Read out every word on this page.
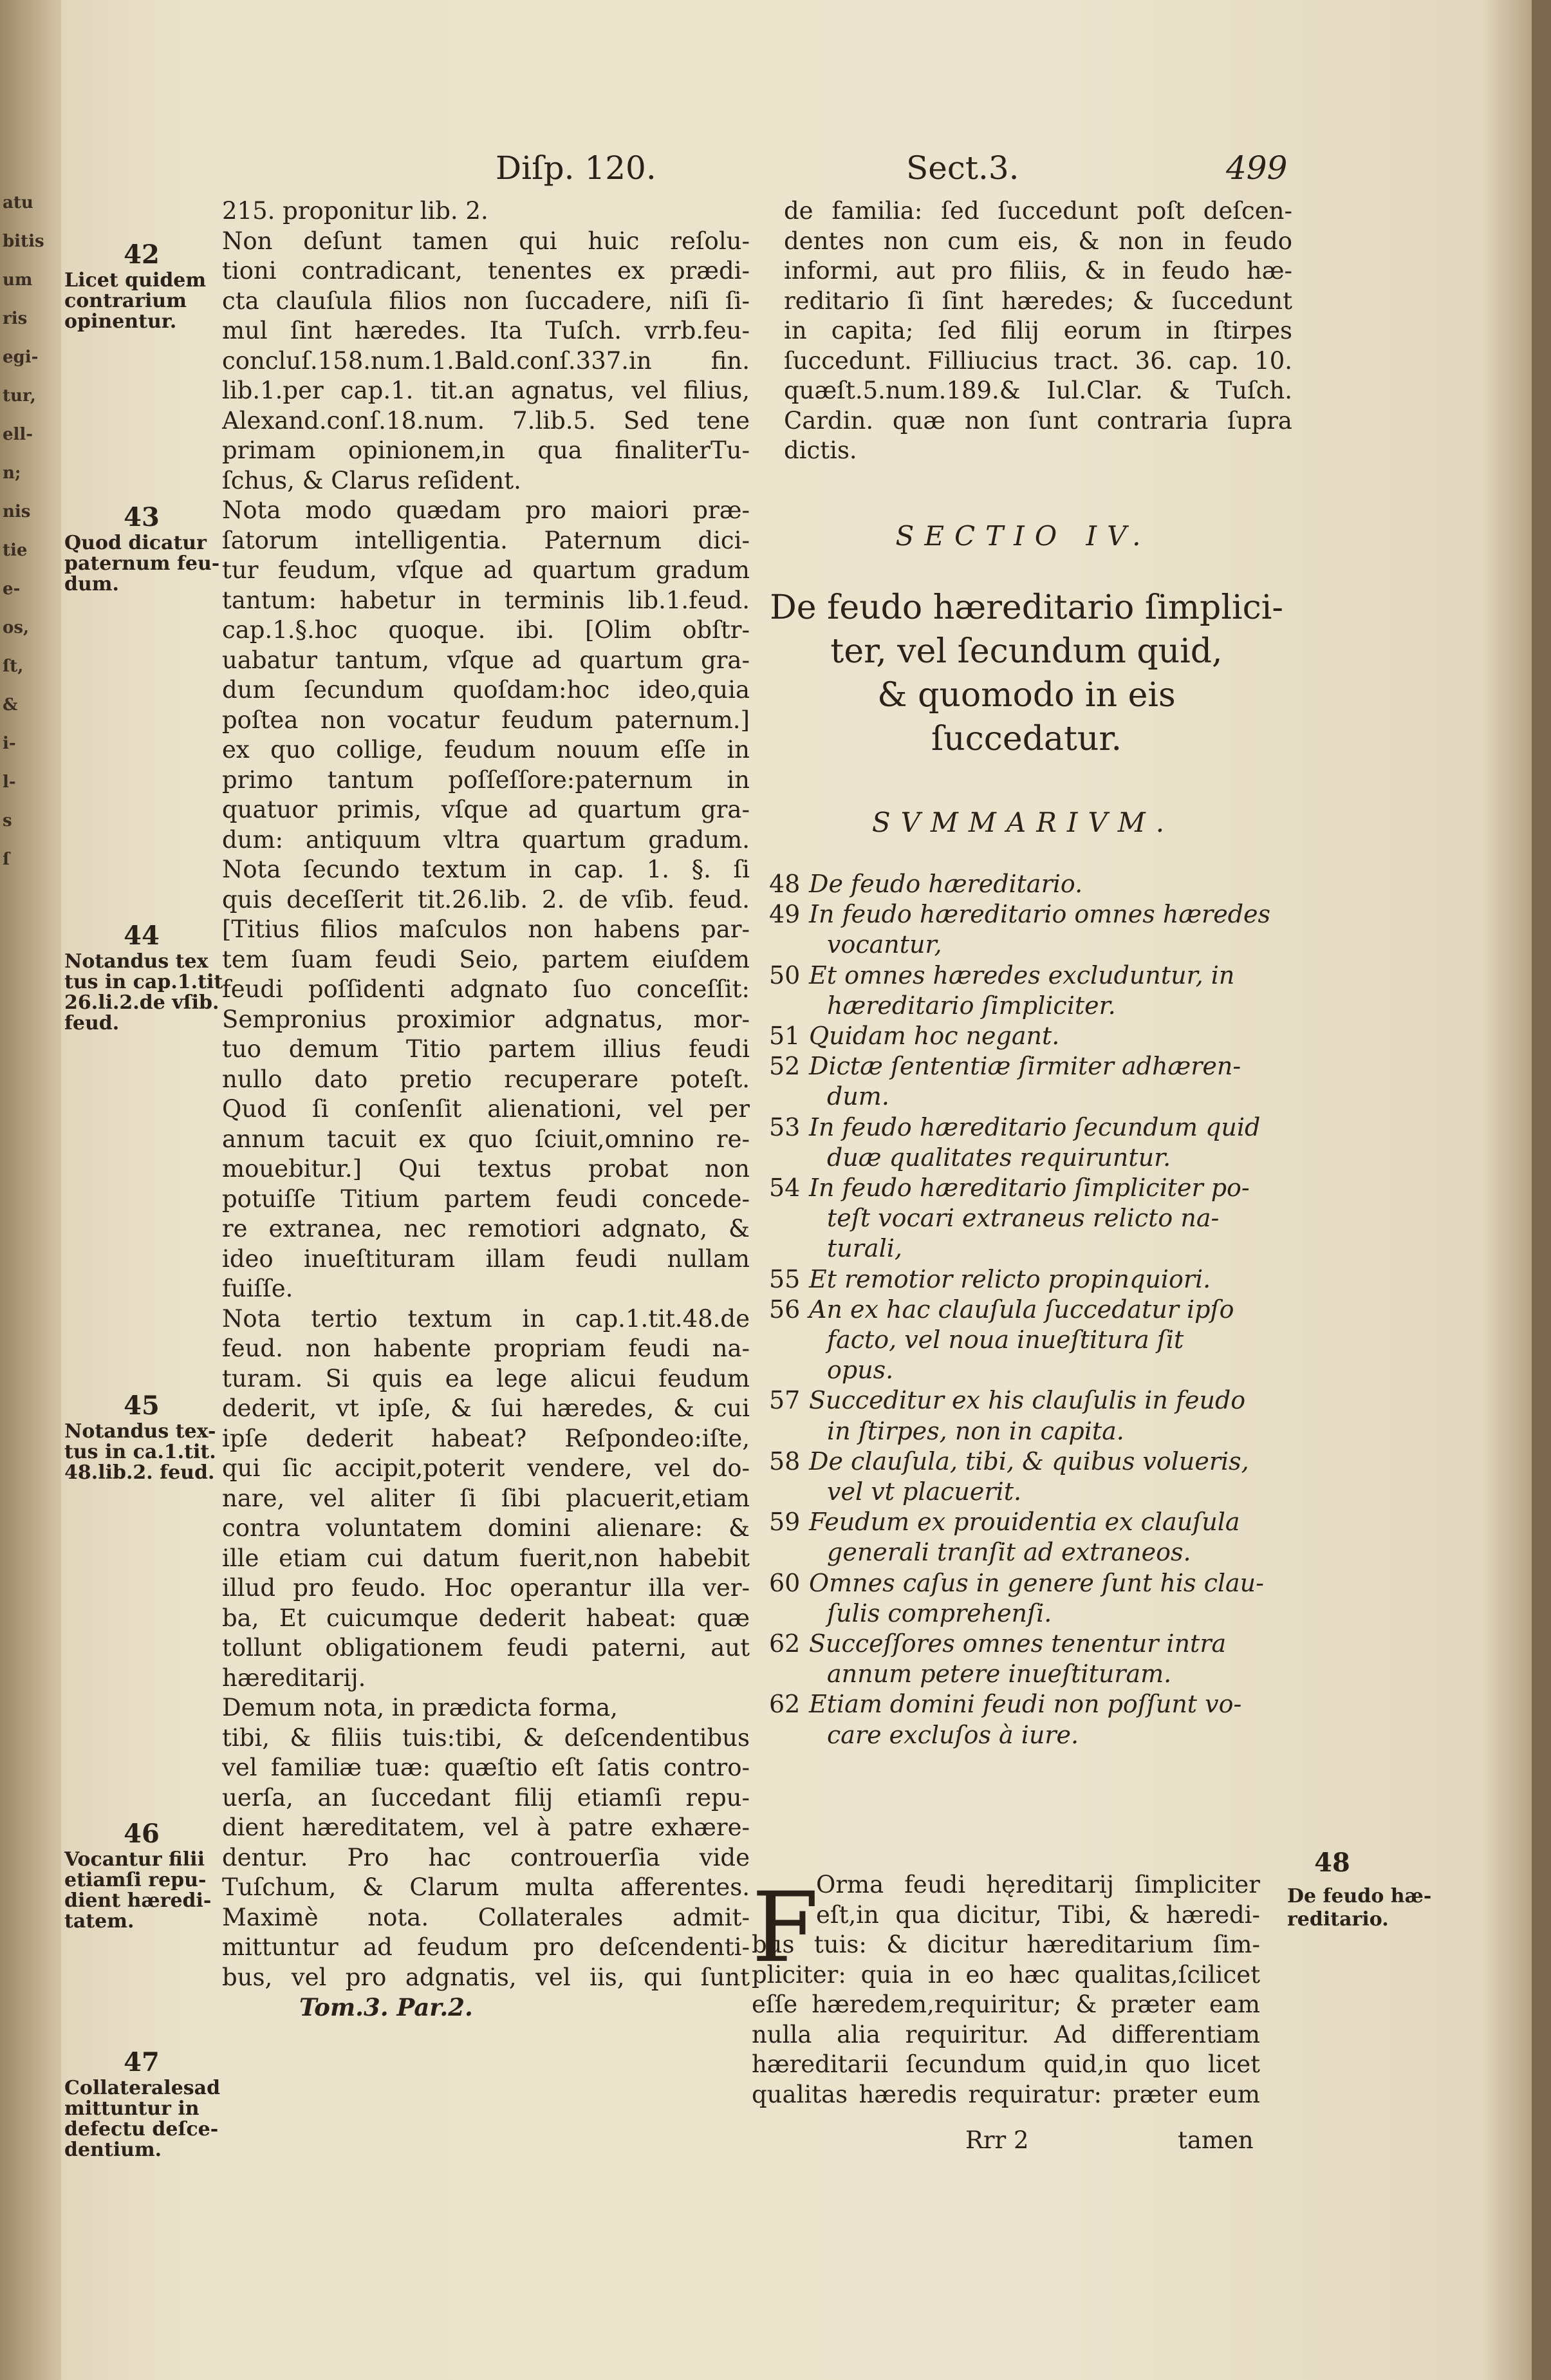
atu
bitis
um
ris
egi-
tur,
ell-
n;
nis
tie
e-
os,
ſt,
&
i-
l-
s
ſ
Diſp. 120.	Sect.3.	499
215. proponitur lib. 2.
Non deſunt tamen qui huic reſolu-
tioni contradicant, tenentes ex prædi-
cta clauſula filios non ſuccadere, niſi ſi-
mul ſint hæredes. Ita Tuſch. vrrb.feu-
concluſ.158.num.1.Bald.conſ.337.in fin.
lib.1.per cap.1. tit.an agnatus, vel filius,
Alexand.conſ.18.num. 7.lib.5. Sed tene
primam opinionem,in qua finaliterTu-
ſchus, & Clarus reſident.
Nota modo quædam pro maiori præ-
ſatorum intelligentia. Paternum dici-
tur feudum, vſque ad quartum gradum
tantum: habetur in terminis lib.1.feud.
cap.1.§.hoc quoque. ibi. [Olim obſtr-
uabatur tantum, vſque ad quartum gra-
dum ſecundum quoſdam:hoc ideo,quia
poſtea non vocatur feudum paternum.]
ex quo collige, feudum nouum eſſe in
primo tantum poſſeſſore:paternum in
quatuor primis, vſque ad quartum gra-
dum: antiquum vltra quartum gradum.
Nota ſecundo textum in cap. 1. §. ſi
quis deceſſerit tit.26.lib. 2. de vſib. feud.
[Titius filios maſculos non habens par-
tem ſuam feudi Seio, partem eiuſdem
feudi poſſidenti adgnato ſuo conceſſit:
Sempronius proximior adgnatus, mor-
tuo demum Titio partem illius feudi
nullo dato pretio recuperare poteſt.
Quod ſi conſenſit alienationi, vel per
annum tacuit ex quo ſciuit,omnino re-
mouebitur.] Qui textus probat non
potuiſſe Titium partem feudi concede-
re extranea, nec remotiori adgnato, &
ideo inueſtituram illam feudi nullam
fuiſſe.
Nota tertio textum in cap.1.tit.48.de
feud. non habente propriam feudi na-
turam. Si quis ea lege alicui feudum
dederit, vt ipſe, & ſui hæredes, & cui
ipſe dederit habeat? Reſpondeo:iſte,
qui ſic accipit,poterit vendere, vel do-
nare, vel aliter ſi ſibi placuerit,etiam
contra voluntatem domini alienare: &
ille etiam cui datum fuerit,non habebit
illud pro feudo. Hoc operantur illa ver-
ba, Et cuicumque dederit habeat: quæ
tollunt obligationem feudi paterni, aut
hæreditarij.
Demum nota, in prædicta forma,
tibi, & filiis tuis:tibi, & deſcendentibus
vel familiæ tuæ: quæſtio eſt ſatis contro-
uerſa, an ſuccedant filij etiamſi repu-
dient hæreditatem, vel à patre exhære-
dentur. Pro hac controuerſia vide
Tuſchum, & Clarum multa afferentes.
Maximè nota. Collaterales admit-
mittuntur ad feudum pro deſcendenti-
bus, vel pro adgnatis, vel iis, qui ſunt
Tom.3. Par.2.
de familia: ſed ſuccedunt poſt deſcen-
dentes non cum eis, & non in feudo
informi, aut pro filiis, & in feudo hæ-
reditario ſi ſint hæredes; & ſuccedunt
in capita; ſed filij eorum in ſtirpes
ſuccedunt. Filliucius tract. 36. cap. 10.
quæſt.5.num.189.& Iul.Clar. & Tuſch.
Cardin. quæ non ſunt contraria ſupra
dictis.
SECTIO IV.
De feudo hæreditario ſimplici-
ter, vel ſecundum quid,
& quomodo in eis
ſuccedatur.
SVMMARIVM.
48 De feudo hæreditario.
49 In feudo hæreditario omnes hæredes
vocantur,
50 Et omnes hæredes excluduntur, in
hæreditario ſimpliciter.
51 Quidam hoc negant.
52 Dictæ ſententiæ ſirmiter adhæren-
dum.
53 In feudo hæreditario ſecundum quid
duæ qualitates requiruntur.
54 In feudo hæreditario ſimpliciter po-
teſt vocari extraneus relicto na-
turali,
55 Et remotior relicto propinquiori.
56 An ex hac clauſula ſuccedatur ipſo
facto, vel noua inueſtitura ſit
opus.
57 Succeditur ex his clauſulis in feudo
in ſtirpes, non in capita.
58 De clauſula, tibi, & quibus volueris,
vel vt placuerit.
59 Feudum ex prouidentia ex clauſula
generali tranſit ad extraneos.
60 Omnes caſus in genere ſunt his clau-
ſulis comprehenſi.
62 Succeſſores omnes tenentur intra
annum petere inueſtituram.
62 Etiam domini feudi non poſſunt vo-
care excluſos à iure.
F
Orma feudi hęreditarij ſimpliciter
eſt,in qua dicitur, Tibi, & hæredi-
bus tuis: & dicitur hæreditarium ſim-
pliciter: quia in eo hæc qualitas,ſcilicet
eſſe hæredem,requiritur; & præter eam
nulla alia requiritur. Ad differentiam
hæreditarii ſecundum quid,in quo licet
qualitas hæredis requiratur: præter eum
Rrr 2	tamen
48
De feudo hæ-
reditario.
42
Licet quidem
contrarium
opinentur.
43
Quod dicatur
paternum feu-
dum.
44
Notandus tex
tus in cap.1.tit
26.li.2.de vſib.
feud.
45
Notandus tex-
tus in ca.1.tit.
48.lib.2. feud.
46
Vocantur filii
etiamſi repu-
dient hæredi-
tatem.
47
Collateralesad
mittuntur in
defectu deſce-
dentium.
